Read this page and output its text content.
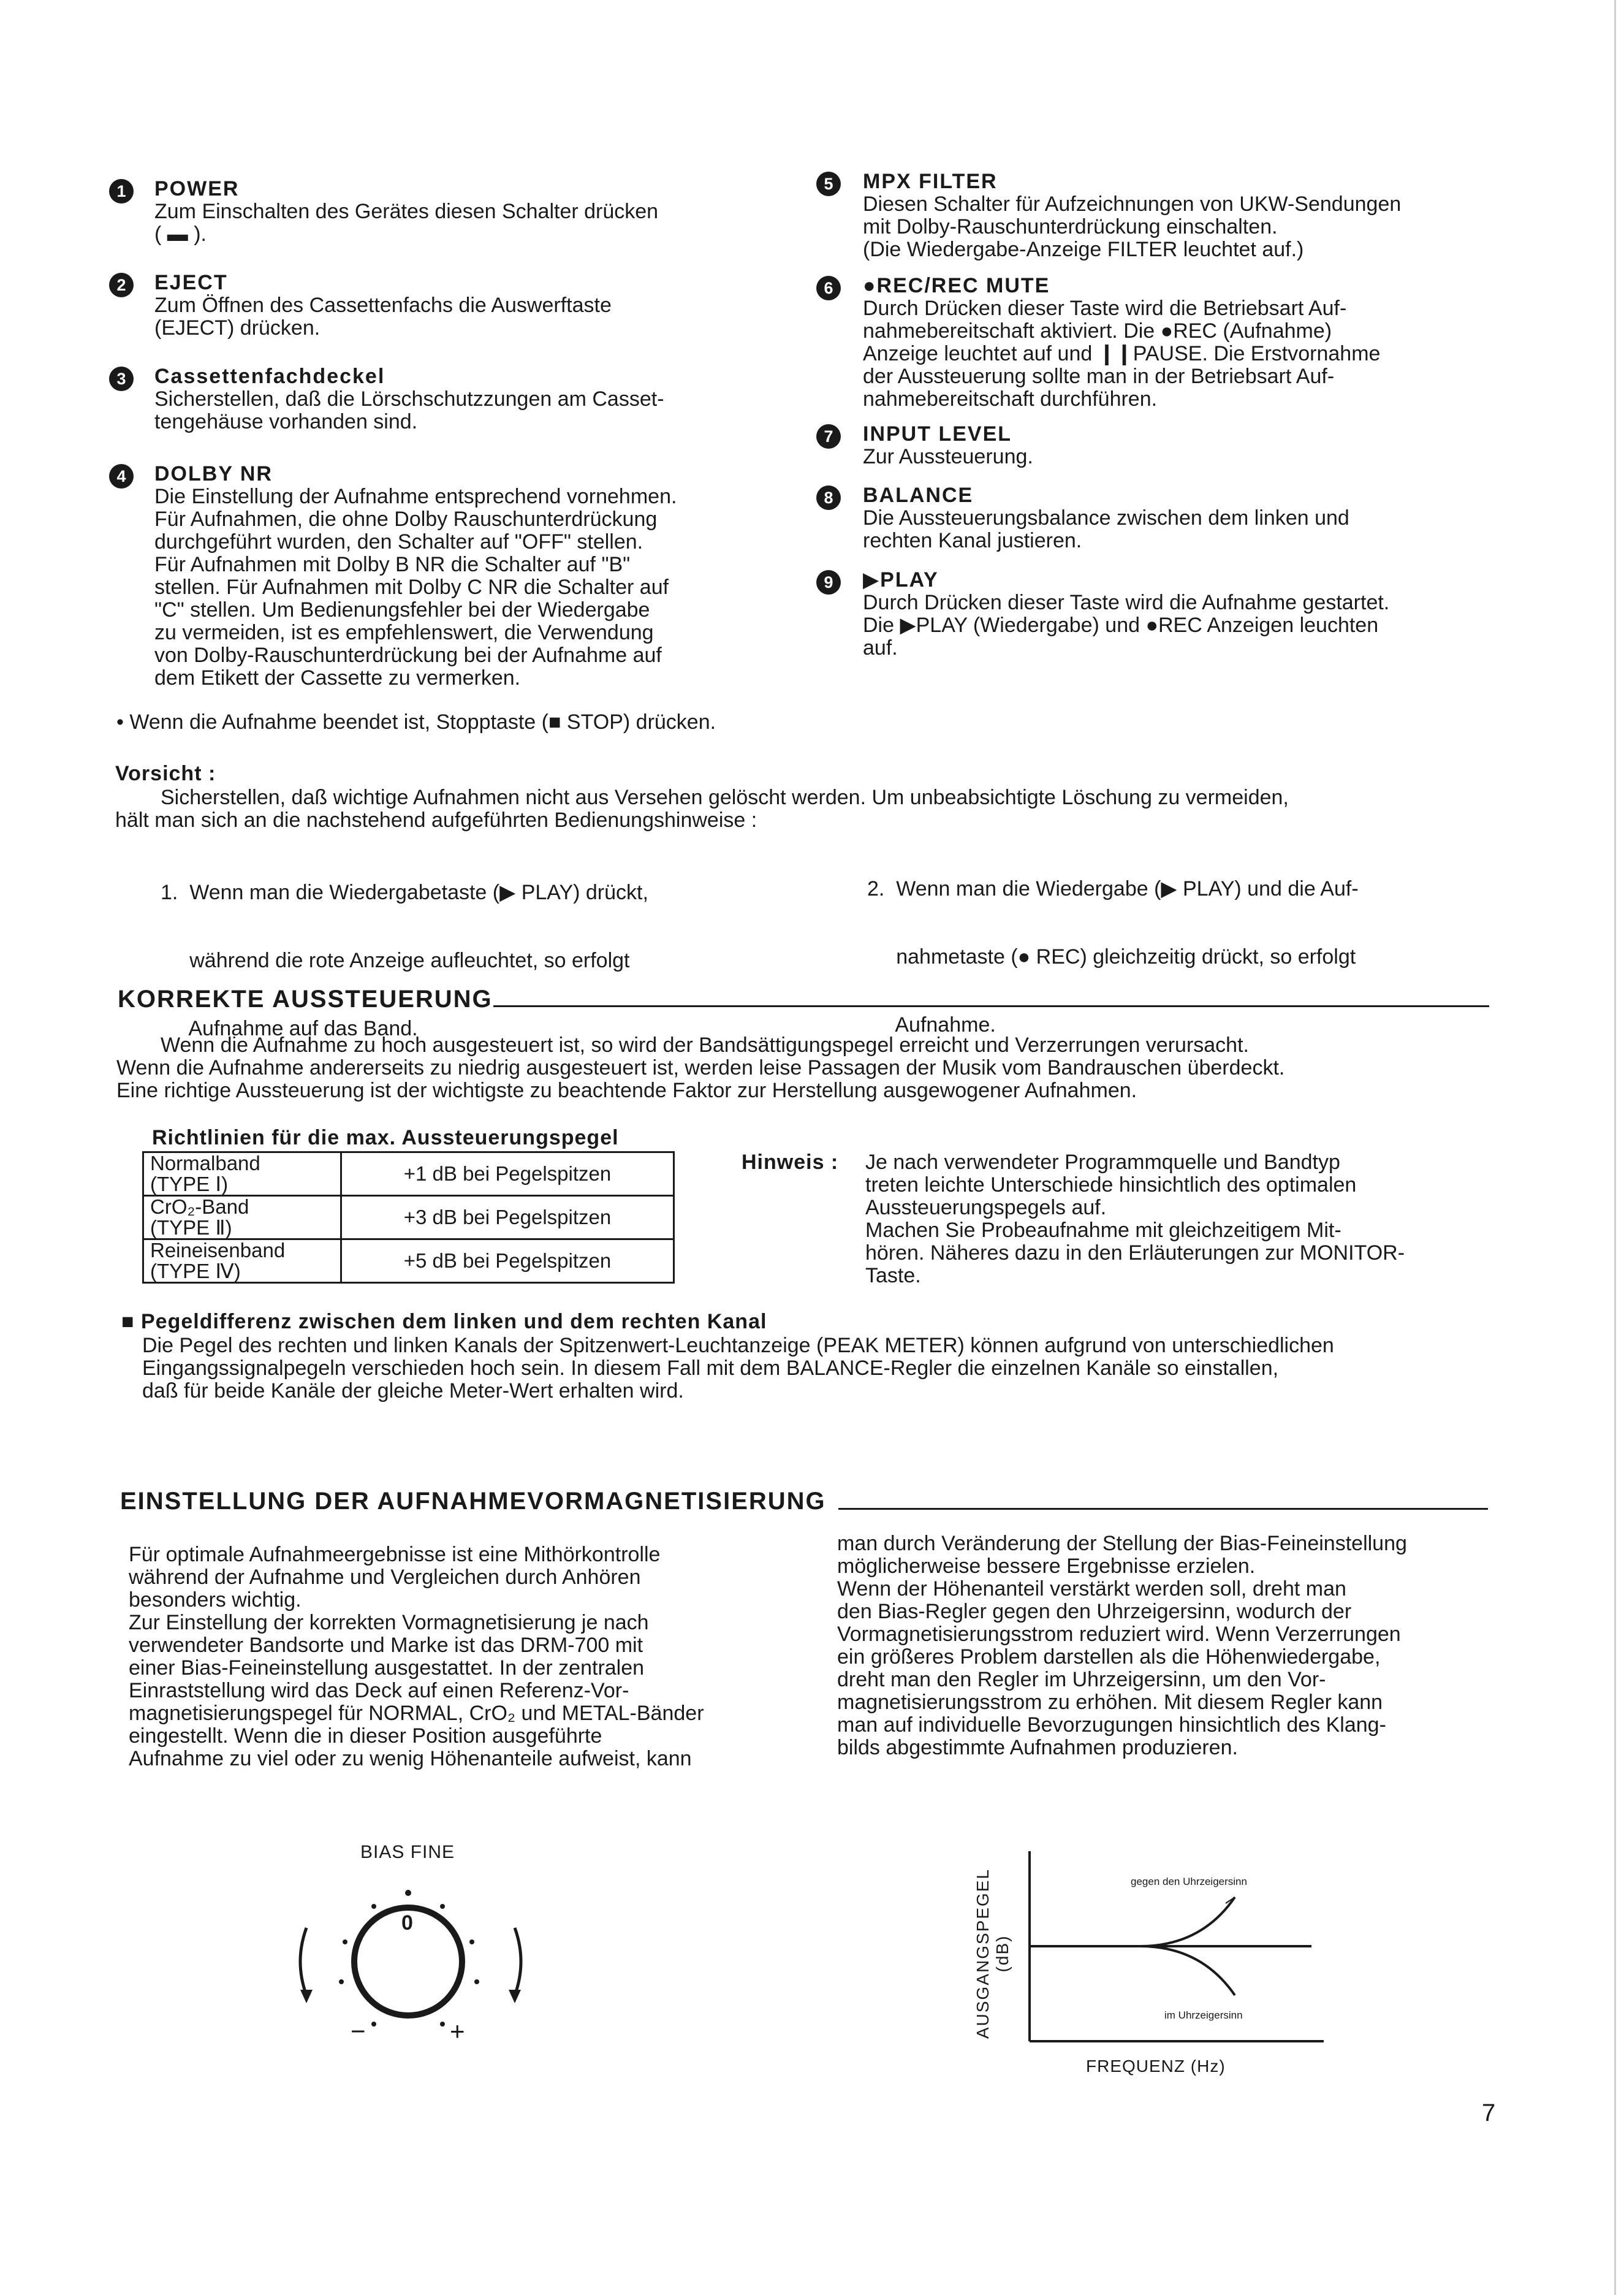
1	POWER

Zum Einschalten des Gerätes diesen Schalter drücken

( ▬ ).

2	EJECT

Zum Öffnen des Cassettenfachs die Auswerftaste

(EJECT) drücken.

3	Cassettenfachdeckel

Sicherstellen, daß die Lörschschutzzungen am Casset-

tengehäuse vorhanden sind.

4	DOLBY NR

Die Einstellung der Aufnahme entsprechend vornehmen.

Für Aufnahmen, die ohne Dolby Rauschunterdrückung

durchgeführt wurden, den Schalter auf "OFF" stellen.

Für Aufnahmen mit Dolby B NR die Schalter auf "B"

stellen. Für Aufnahmen mit Dolby C NR die Schalter auf

"C" stellen. Um Bedienungsfehler bei der Wiedergabe

zu vermeiden, ist es empfehlenswert, die Verwendung

von Dolby-Rauschunterdrückung bei der Aufnahme auf

dem Etikett der Cassette zu vermerken.

5	MPX FILTER

Diesen Schalter für Aufzeichnungen von UKW-Sendungen

mit Dolby-Rauschunterdrückung einschalten.

(Die Wiedergabe-Anzeige FILTER leuchtet auf.)

6	●REC/REC MUTE

Durch Drücken dieser Taste wird die Betriebsart Auf-

nahmebereitschaft aktiviert. Die ●REC (Aufnahme)

Anzeige leuchtet auf und ❙❙PAUSE. Die Erstvornahme

der Aussteuerung sollte man in der Betriebsart Auf-

nahmebereitschaft durchführen.

7	INPUT LEVEL

Zur Aussteuerung.

8	BALANCE

Die Aussteuerungsbalance zwischen dem linken und

rechten Kanal justieren.

9	▶PLAY

Durch Drücken dieser Taste wird die Aufnahme gestartet.

Die ▶PLAY (Wiedergabe) und ●REC Anzeigen leuchten

auf.

• Wenn die Aufnahme beendet ist, Stopptaste (■ STOP) drücken.
Vorsicht :
Sicherstellen, daß wichtige Aufnahmen nicht aus Versehen gelöscht werden. Um unbeabsichtigte Löschung zu vermeiden,
hält man sich an die nachstehend aufgeführten Bedienungshinweise :

1.  Wenn man die Wiedergabetaste (▶ PLAY) drückt,

während die rote Anzeige aufleuchtet, so erfolgt

Aufnahme auf das Band.

2.  Wenn man die Wiedergabe (▶ PLAY) und die Auf-

nahmetaste (● REC) gleichzeitig drückt, so erfolgt

Aufnahme.

KORREKTE AUSSTEUERUNG

Wenn die Aufnahme zu hoch ausgesteuert ist, so wird der Bandsättigungspegel erreicht und Verzerrungen verursacht.

Wenn die Aufnahme andererseits zu niedrig ausgesteuert ist, werden leise Passagen der Musik vom Bandrauschen überdeckt.

Eine richtige Aussteuerung ist der wichtigste zu beachtende Faktor zur Herstellung ausgewogener Aufnahmen.

Richtlinien für die max. Aussteuerungspegel
Normalband
(TYPE Ⅰ)	+1 dB bei Pegelspitzen

CrO₂-Band
(TYPE Ⅱ)	+3 dB bei Pegelspitzen

Reineisenband
(TYPE Ⅳ)	+5 dB bei Pegelspitzen
Hinweis : Je nach verwendeter Programmquelle und Bandtyp

treten leichte Unterschiede hinsichtlich des optimalen

Aussteuerungspegels auf.

Machen Sie Probeaufnahme mit gleichzeitigem Mit-

hören. Näheres dazu in den Erläuterungen zur MONITOR-

Taste.

■ Pegeldifferenz zwischen dem linken und dem rechten Kanal

Die Pegel des rechten und linken Kanals der Spitzenwert-Leuchtanzeige (PEAK METER) können aufgrund von unterschiedlichen

Eingangssignalpegeln verschieden hoch sein. In diesem Fall mit dem BALANCE-Regler die einzelnen Kanäle so einstallen,

daß für beide Kanäle der gleiche Meter-Wert erhalten wird.

EINSTELLUNG DER AUFNAHMEVORMAGNETISIERUNG

Für optimale Aufnahmeergebnisse ist eine Mithörkontrolle

während der Aufnahme und Vergleichen durch Anhören

besonders wichtig.

Zur Einstellung der korrekten Vormagnetisierung je nach

verwendeter Bandsorte und Marke ist das DRM-700 mit

einer Bias-Feineinstellung ausgestattet. In der zentralen

Einraststellung wird das Deck auf einen Referenz-Vor-

magnetisierungspegel für NORMAL, CrO₂ und METAL-Bänder

eingestellt. Wenn die in dieser Position ausgeführte

Aufnahme zu viel oder zu wenig Höhenanteile aufweist, kann

man durch Veränderung der Stellung der Bias-Feineinstellung

möglicherweise bessere Ergebnisse erzielen.

Wenn der Höhenanteil verstärkt werden soll, dreht man

den Bias-Regler gegen den Uhrzeigersinn, wodurch der

Vormagnetisierungsstrom reduziert wird. Wenn Verzerrungen

ein größeres Problem darstellen als die Höhenwiedergabe,

dreht man den Regler im Uhrzeigersinn, um den Vor-

magnetisierungsstrom zu erhöhen. Mit diesem Regler kann

man auf individuelle Bevorzugungen hinsichtlich des Klang-

bilds abgestimmte Aufnahmen produzieren.

BIAS FINE
0
−	+	AUSGANGSPEGEL (dB)
FREQUENZ (Hz)
gegen den Uhrzeigersinn
im Uhrzeigersinn
7
